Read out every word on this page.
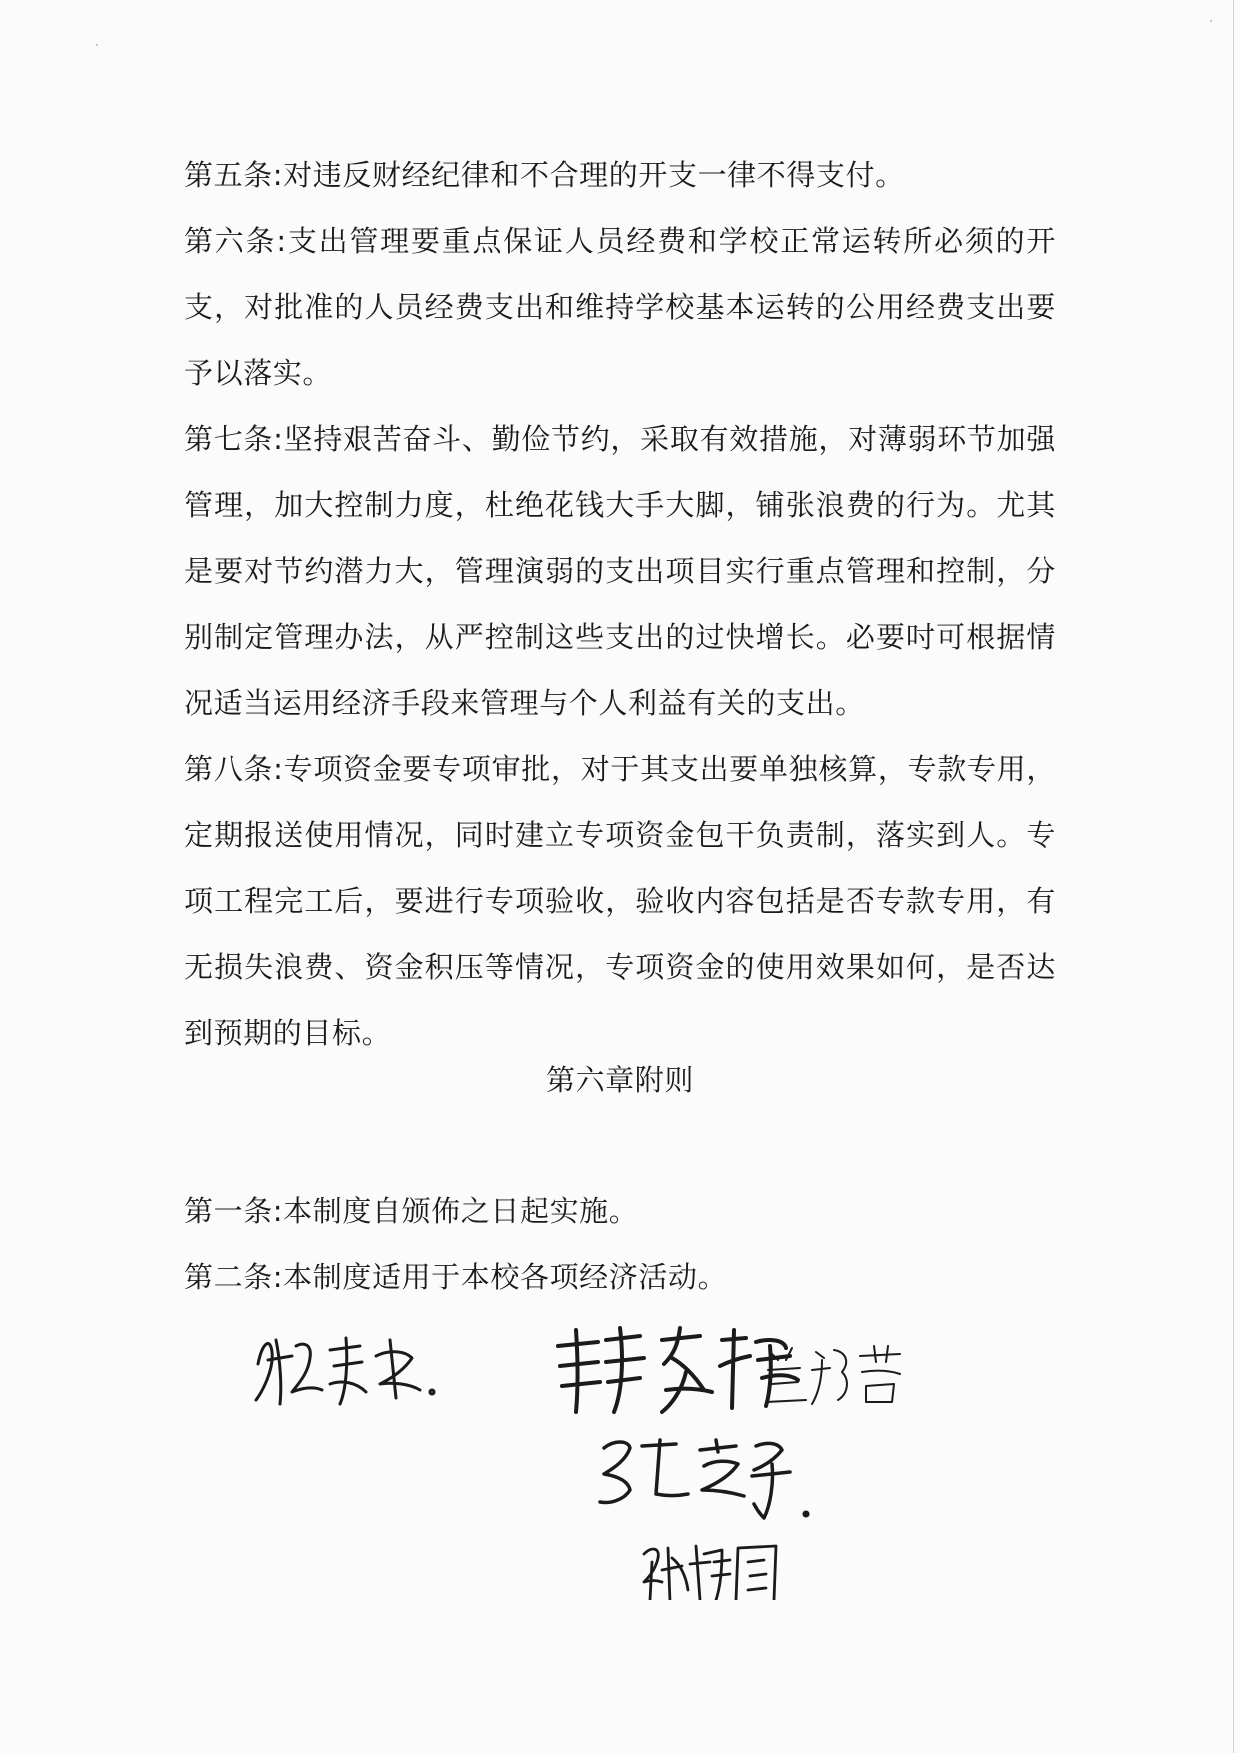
第五条:对违反财经纪律和不合理的开支一律不得支付。

第六条:支出管理要重点保证人员经费和学校正常运转所必须的开支，对批准的人员经费支出和维持学校基本运转的公用经费支出要予以落实。

第七条:坚持艰苦奋斗、勤俭节约，采取有效措施，对薄弱环节加强管理，加大控制力度，杜绝花钱大手大脚，铺张浪费的行为。尤其是要对节约潜力大，管理演弱的支出项目实行重点管理和控制，分别制定管理办法，从严控制这些支出的过快增长。必要吋可根据情况适当运用经济手段来管理与个人利益有关的支出。

第八条:专项资金要专项审批，对于其支出要单独核算，专款专用，定期报送使用情况，同时建立专项资金包干负责制，落实到人。专项工程完工后，要进行专项验收，验收内容包括是否专款专用，有无损失浪费、资金积压等情况，专项资金的使用效果如何，是否达到预期的目标。

第六章附则

第一条:本制度自颁佈之日起实施。

第二条:本制度适用于本校各项经济活动。
